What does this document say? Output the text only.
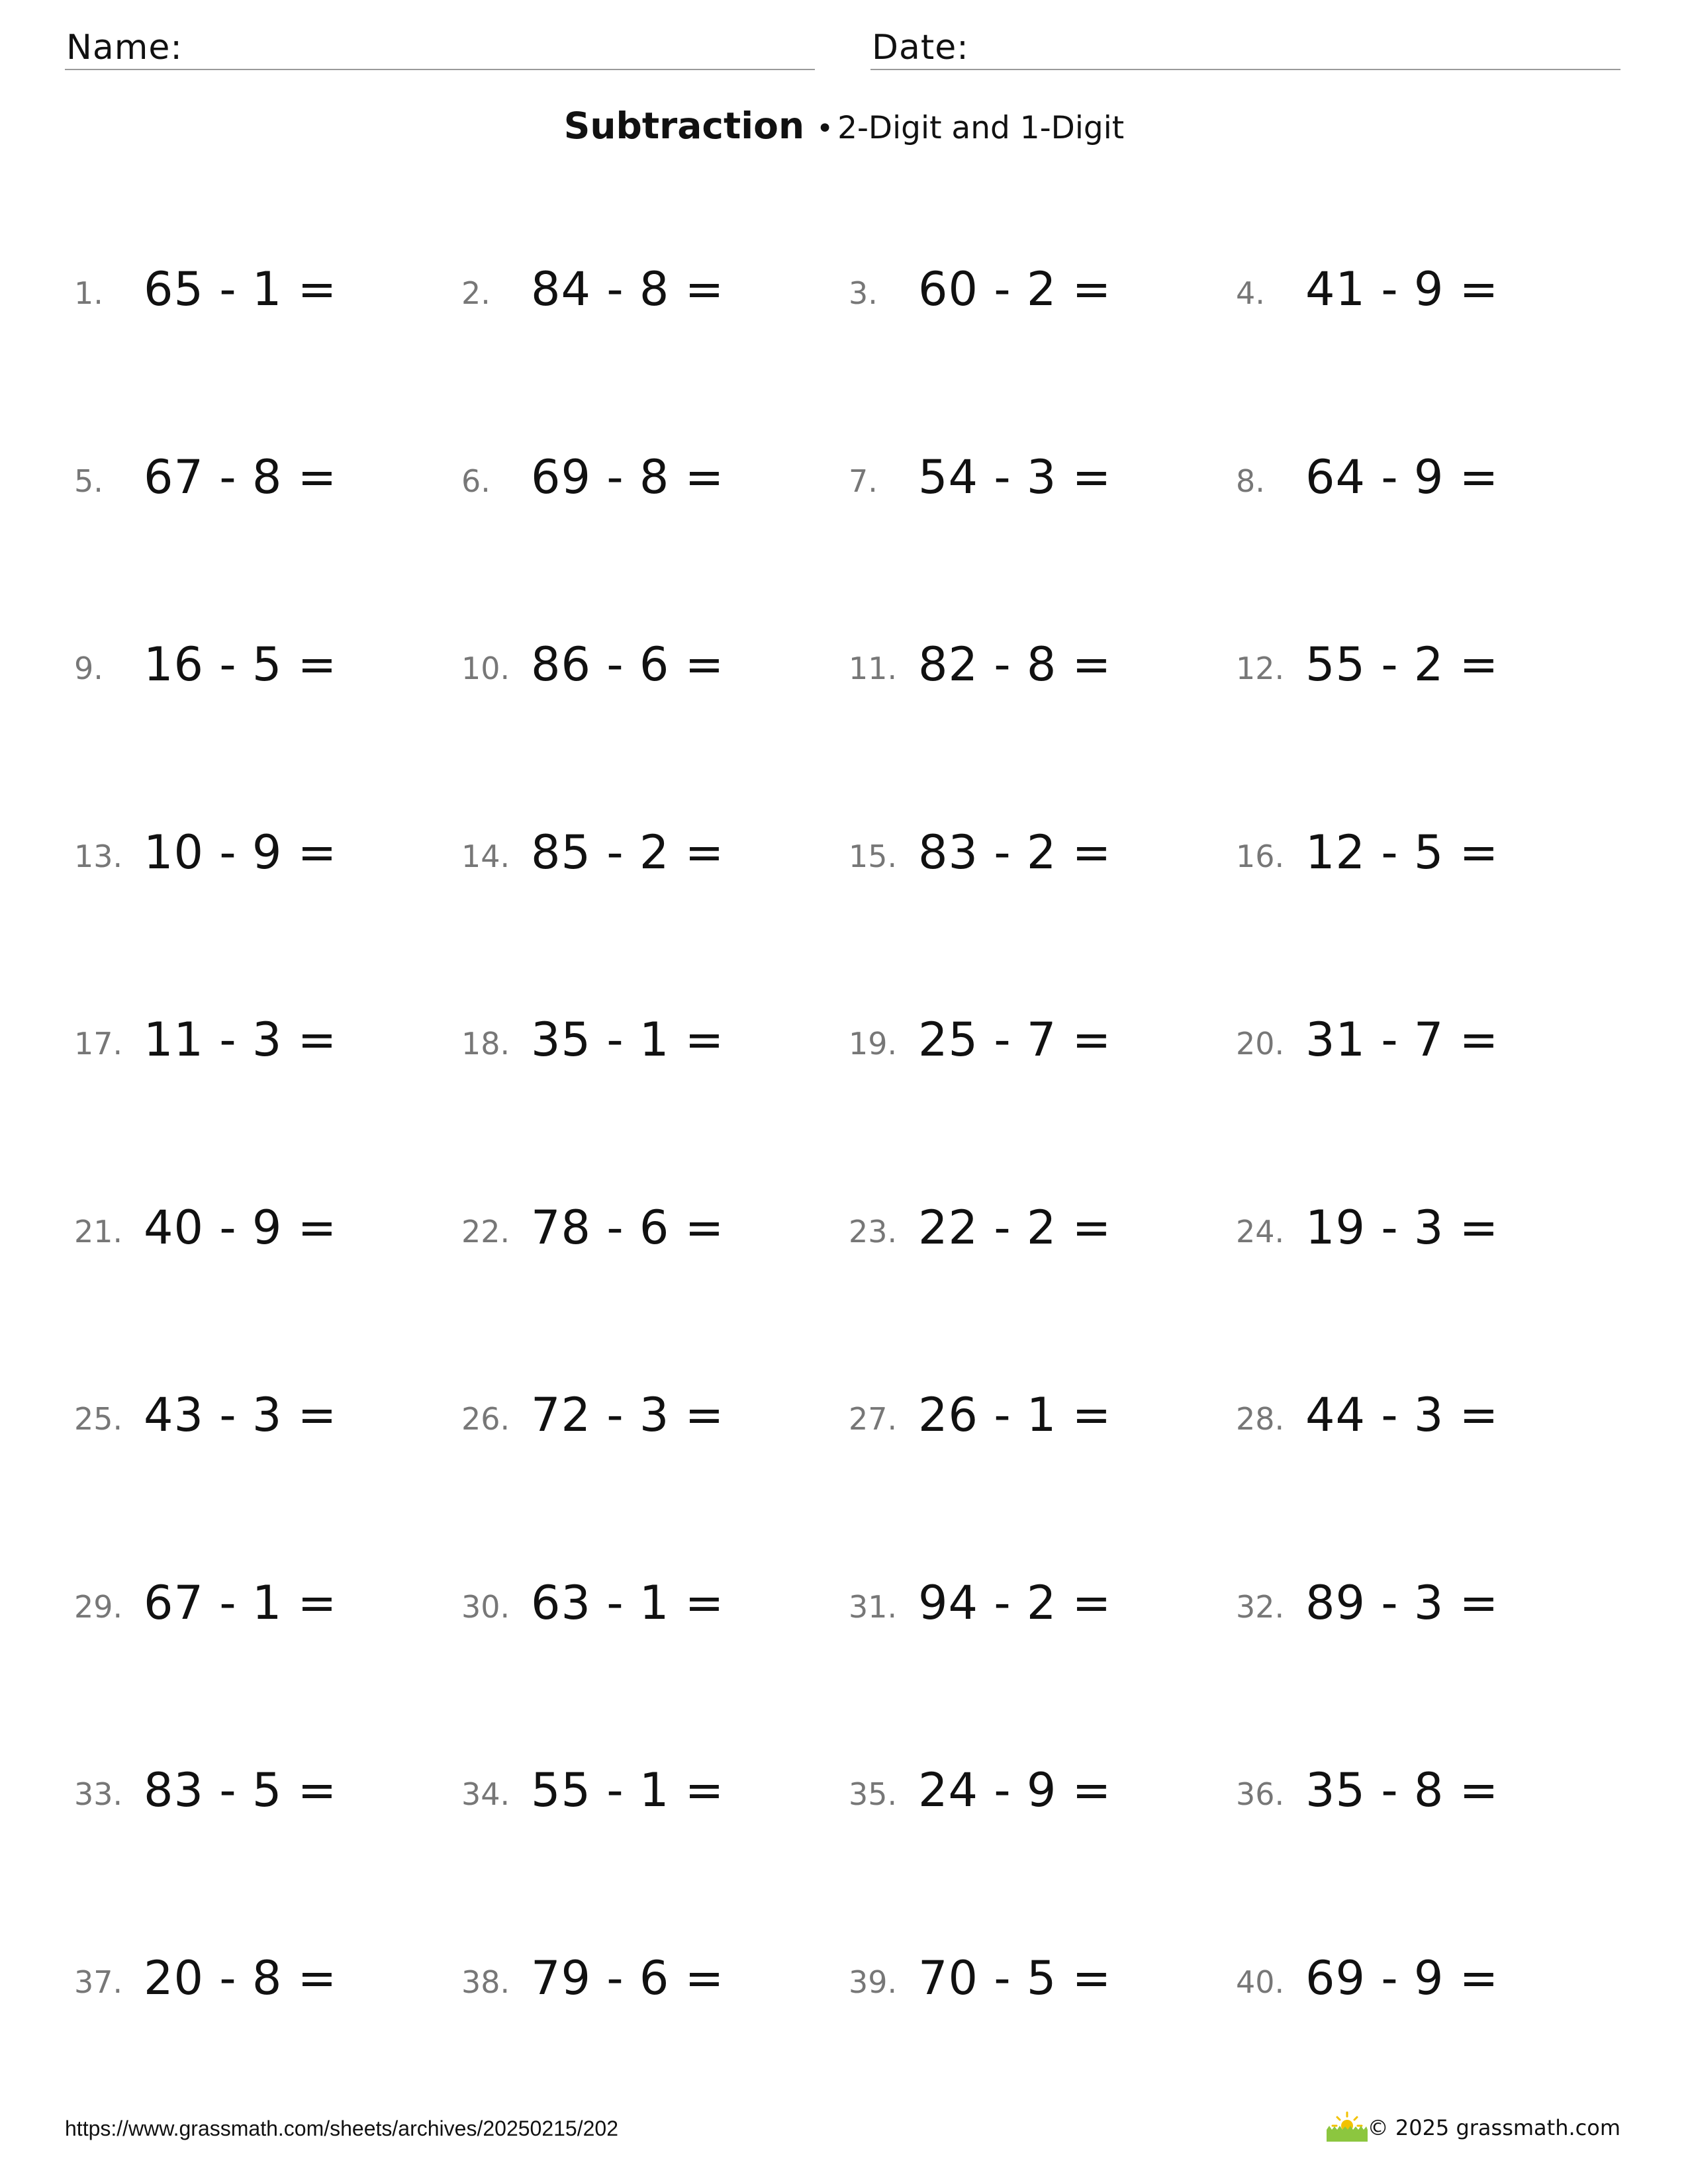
Name:	Date:
Subtraction • 2-Digit and 1-Digit
1. 65 - 1 =	2. 84 - 8 =	3. 60 - 2 =	4. 41 - 9 =
5. 67 - 8 =	6. 69 - 8 =	7. 54 - 3 =	8. 64 - 9 =
9. 16 - 5 =	10. 86 - 6 =	11. 82 - 8 =	12. 55 - 2 =
13. 10 - 9 =	14. 85 - 2 =	15. 83 - 2 =	16. 12 - 5 =
17. 11 - 3 =	18. 35 - 1 =	19. 25 - 7 =	20. 31 - 7 =
21. 40 - 9 =	22. 78 - 6 =	23. 22 - 2 =	24. 19 - 3 =
25. 43 - 3 =	26. 72 - 3 =	27. 26 - 1 =	28. 44 - 3 =
29. 67 - 1 =	30. 63 - 1 =	31. 94 - 2 =	32. 89 - 3 =
33. 83 - 5 =	34. 55 - 1 =	35. 24 - 9 =	36. 35 - 8 =
37. 20 - 8 =	38. 79 - 6 =	39. 70 - 5 =	40. 69 - 9 =
https://www.grassmath.com/sheets/archives/20250215/202	© 2025 grassmath.com
